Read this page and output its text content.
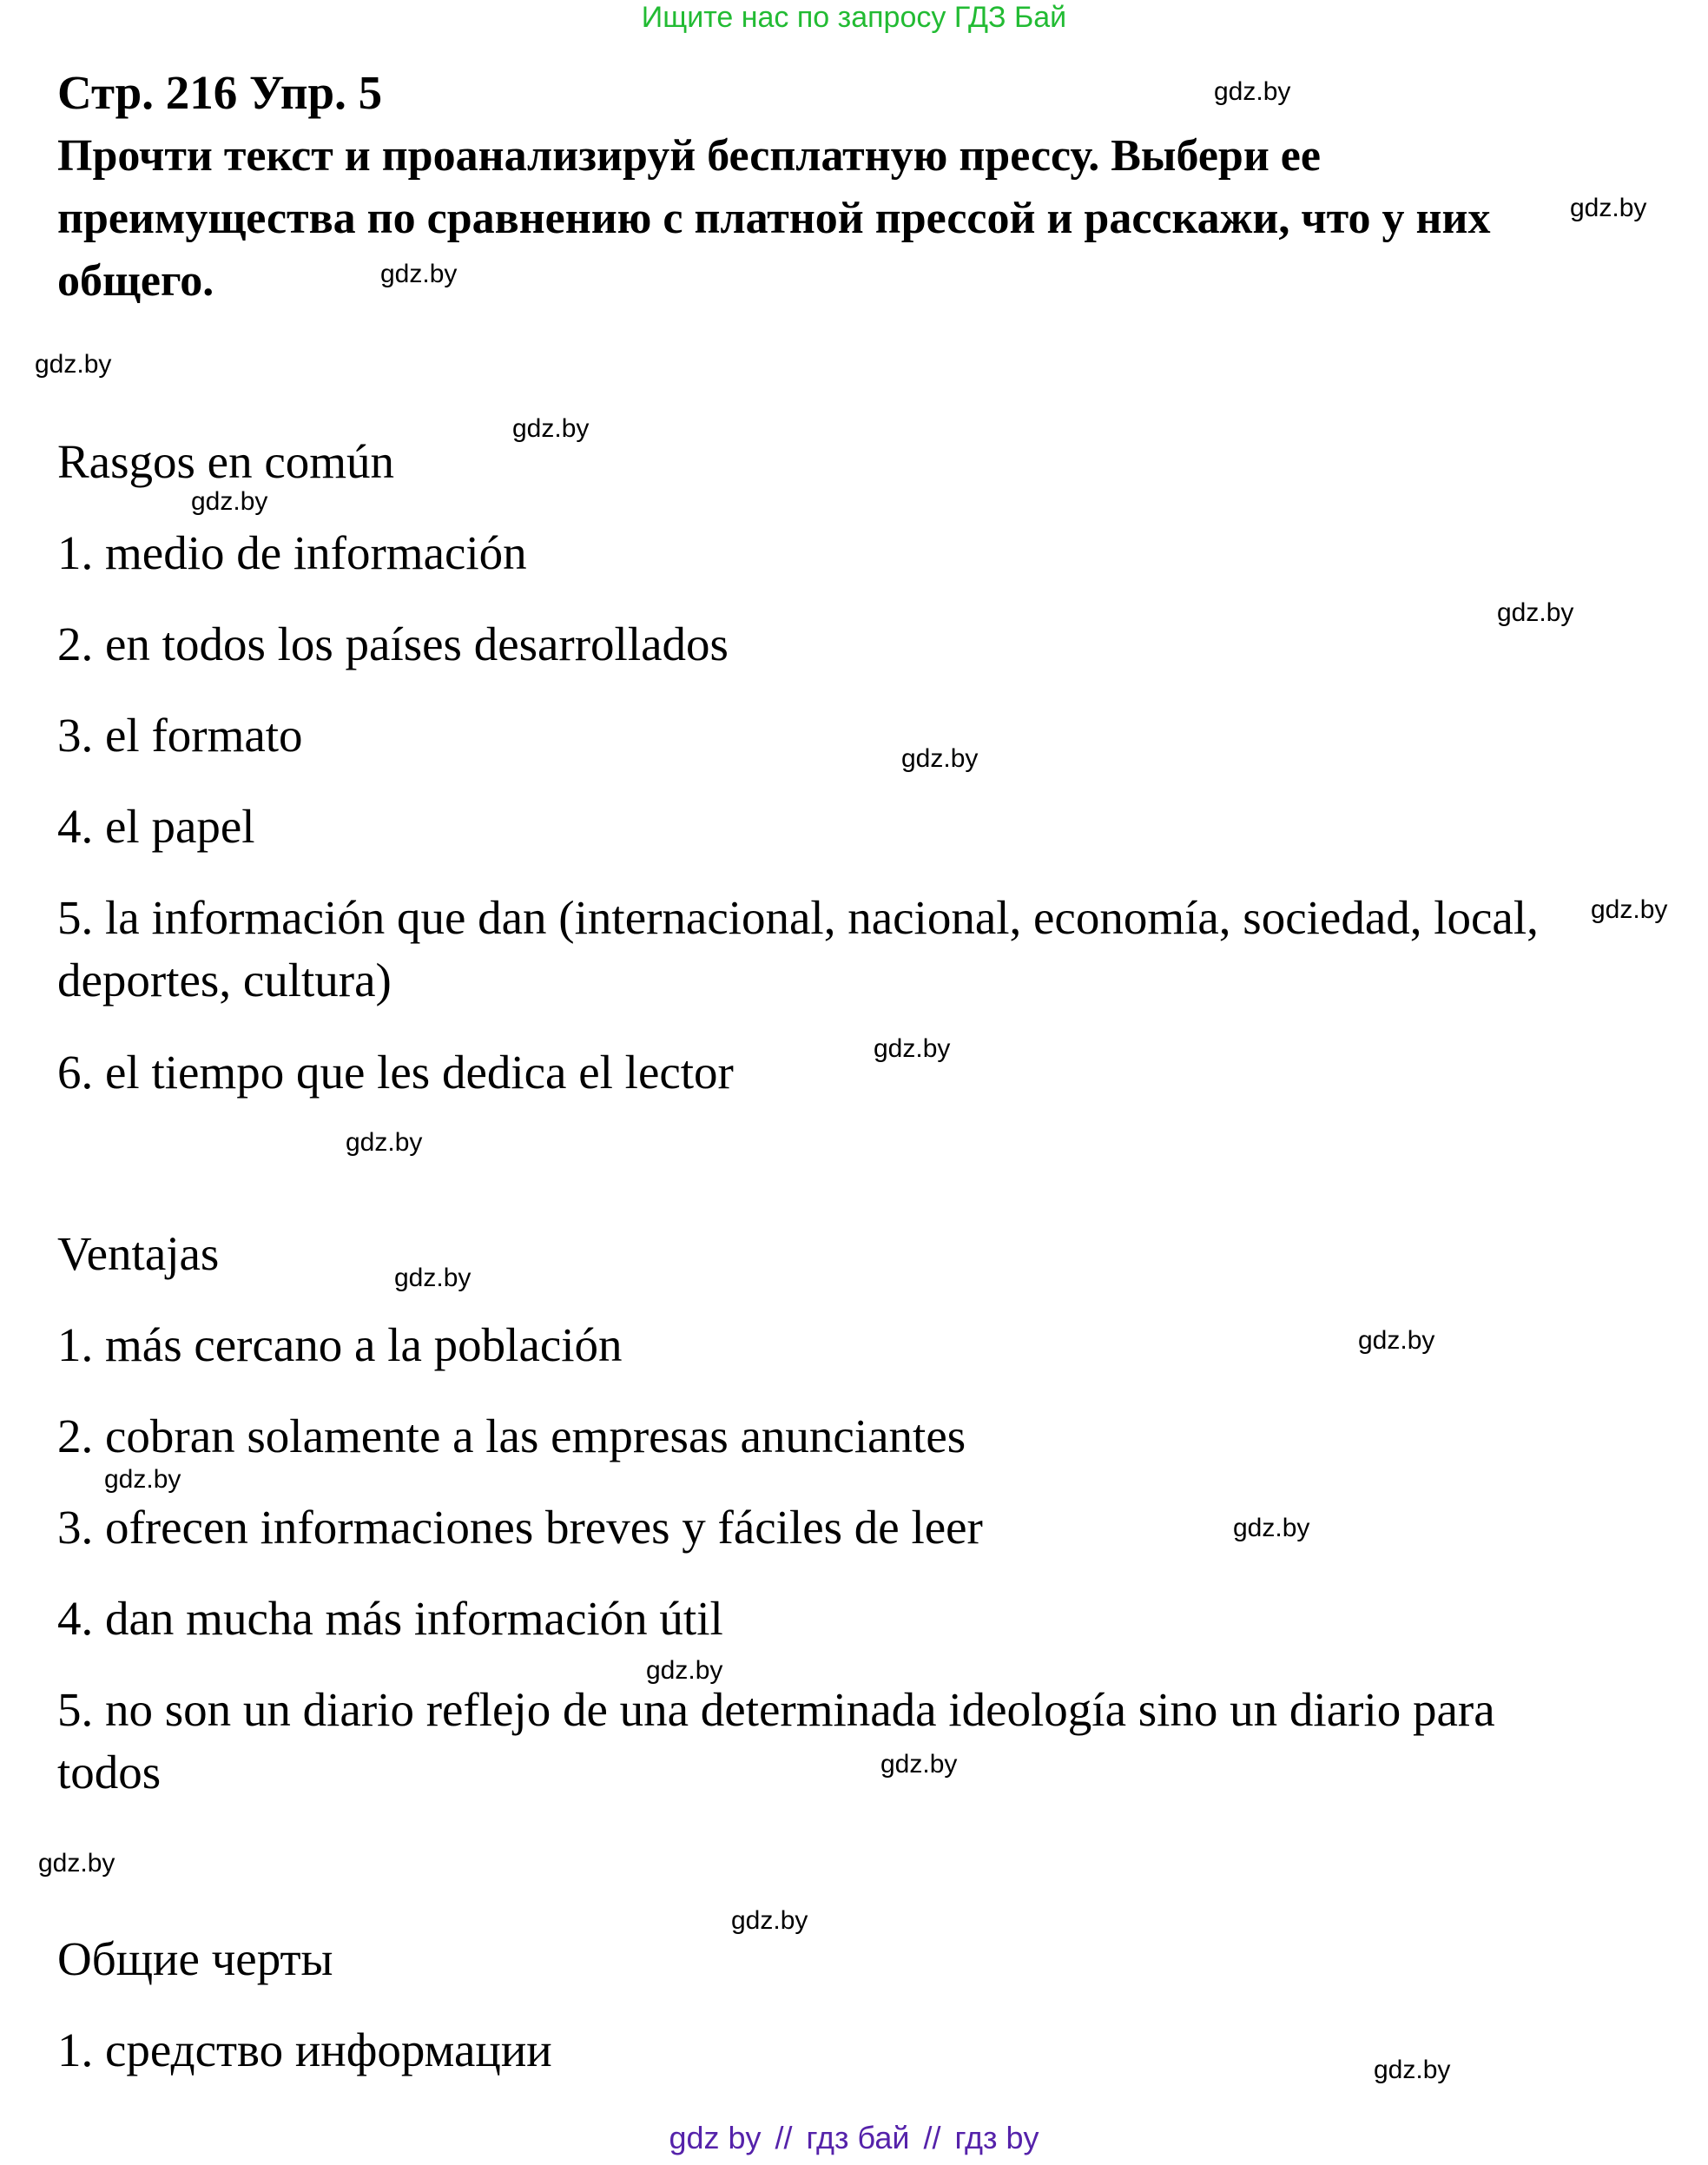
Ищите нас по запросу ГДЗ Бай
Стр. 216 Упр. 5

Прочти текст и проанализируй бесплатную прессу. Выбери ее преимущества по сравнению с платной прессой и расскажи, что у них общего.

Rasgos en común
1. medio de información
2. en todos los países desarrollados
3. el formato
4. el papel
5. la información que dan (internacional, nacional, economía, sociedad, local, deportes, cultura)
6. el tiempo que les dedica el lector
Ventajas
1. más cercano a la población
2. cobran solamente a las empresas anunciantes
3. ofrecen informaciones breves y fáciles de leer
4. dan mucha más información útil
5. no son un diario reflejo de una determinada ideología sino un diario para todos
Общие черты
1. средство информации
gdz.by
gdz.by
gdz.by
gdz.by
gdz.by
gdz.by
gdz.by
gdz.by
gdz.by
gdz.by
gdz.by
gdz.by
gdz.by
gdz.by
gdz.by
gdz.by
gdz.by
gdz.by
gdz.by
gdz.by
gdz by // гдз бай // гдз by
